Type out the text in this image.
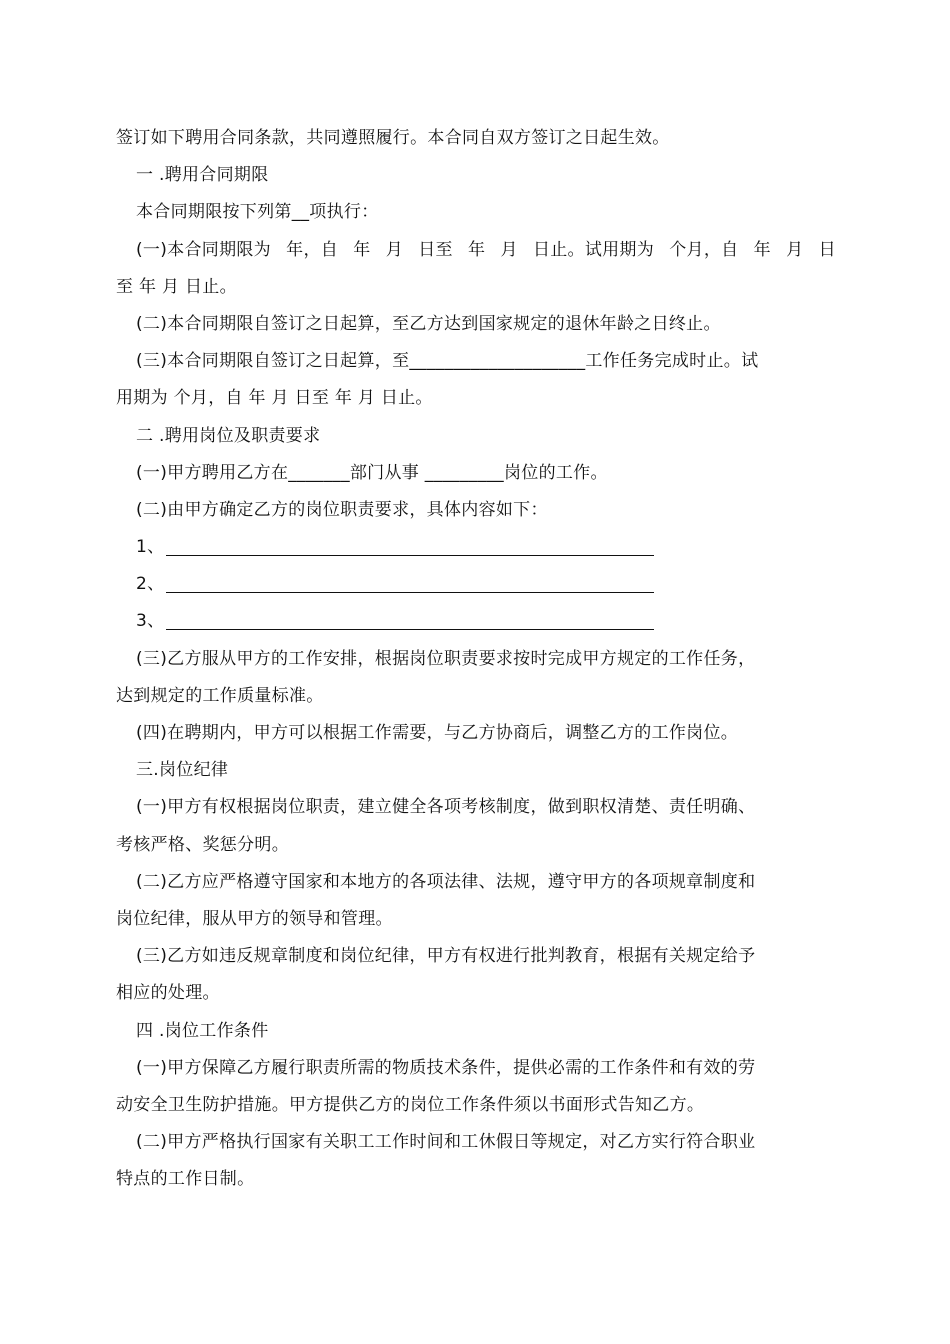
签订如下聘用合同条款，共同遵照履行。本合同自双方签订之日起生效。
一 .聘用合同期限
本合同期限按下列第__项执行：
(一)本合同期限为 年，自 年 月 日至 年 月 日止。试用期为 个月，自 年 月 日
至 年 月 日止。
(二)本合同期限自签订之日起算，至乙方达到国家规定的退休年龄之日终止。
(三)本合同期限自签订之日起算，至____________________工作任务完成时止。试
用期为 个月，自 年 月 日至 年 月 日止。
二 .聘用岗位及职责要求
(一)甲方聘用乙方在_______部门从事 _________岗位的工作。
(二)由甲方确定乙方的岗位职责要求，具体内容如下：
1、
2、
3、
(三)乙方服从甲方的工作安排，根据岗位职责要求按时完成甲方规定的工作任务，
达到规定的工作质量标准。
(四)在聘期内，甲方可以根据工作需要，与乙方协商后，调整乙方的工作岗位。
三.岗位纪律
(一)甲方有权根据岗位职责，建立健全各项考核制度，做到职权清楚、责任明确、
考核严格、奖惩分明。
(二)乙方应严格遵守国家和本地方的各项法律、法规，遵守甲方的各项规章制度和
岗位纪律，服从甲方的领导和管理。
(三)乙方如违反规章制度和岗位纪律，甲方有权进行批判教育，根据有关规定给予
相应的处理。
四 .岗位工作条件
(一)甲方保障乙方履行职责所需的物质技术条件，提供必需的工作条件和有效的劳
动安全卫生防护措施。甲方提供乙方的岗位工作条件须以书面形式告知乙方。
(二)甲方严格执行国家有关职工工作时间和工休假日等规定，对乙方实行符合职业
特点的工作日制。
